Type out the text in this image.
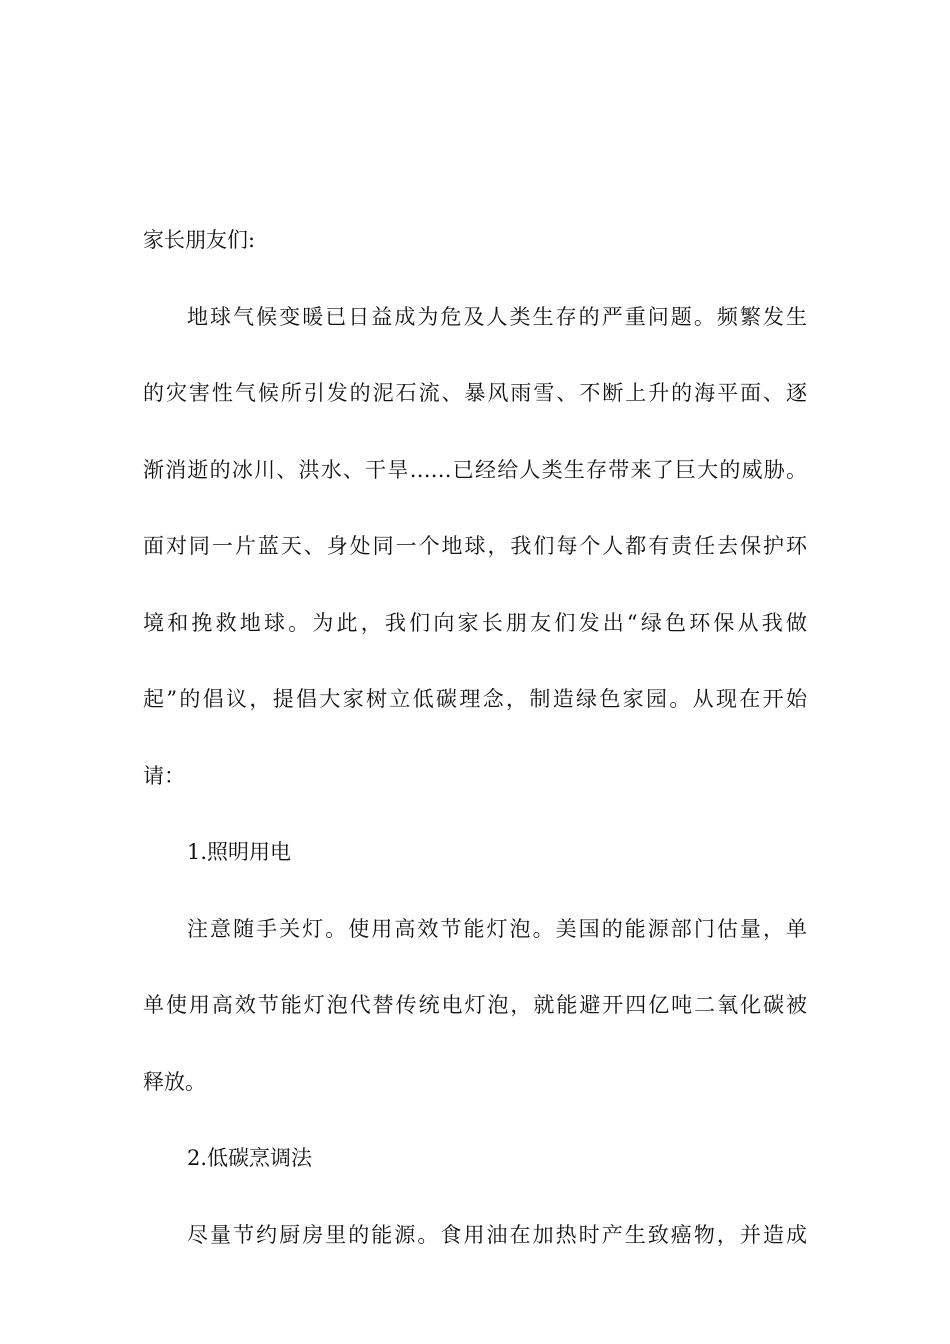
家长朋友们:
地球气候变暖已日益成为危及人类生存的严重问题。频繁发生
的灾害性气候所引发的泥石流、暴风雨雪、不断上升的海平面、逐
渐消逝的冰川、洪水、干旱……已经给人类生存带来了巨大的威胁。
面对同一片蓝天、身处同一个地球，我们每个人都有责任去保护环
境和挽救地球。为此，我们向家长朋友们发出“绿色环保从我做
起”的倡议，提倡大家树立低碳理念，制造绿色家园。从现在开始
请：
1.照明用电
注意随手关灯。使用高效节能灯泡。美国的能源部门估量，单
单使用高效节能灯泡代替传统电灯泡，就能避开四亿吨二氧化碳被
释放。
2.低碳烹调法
尽量节约厨房里的能源。食用油在加热时产生致癌物，并造成
